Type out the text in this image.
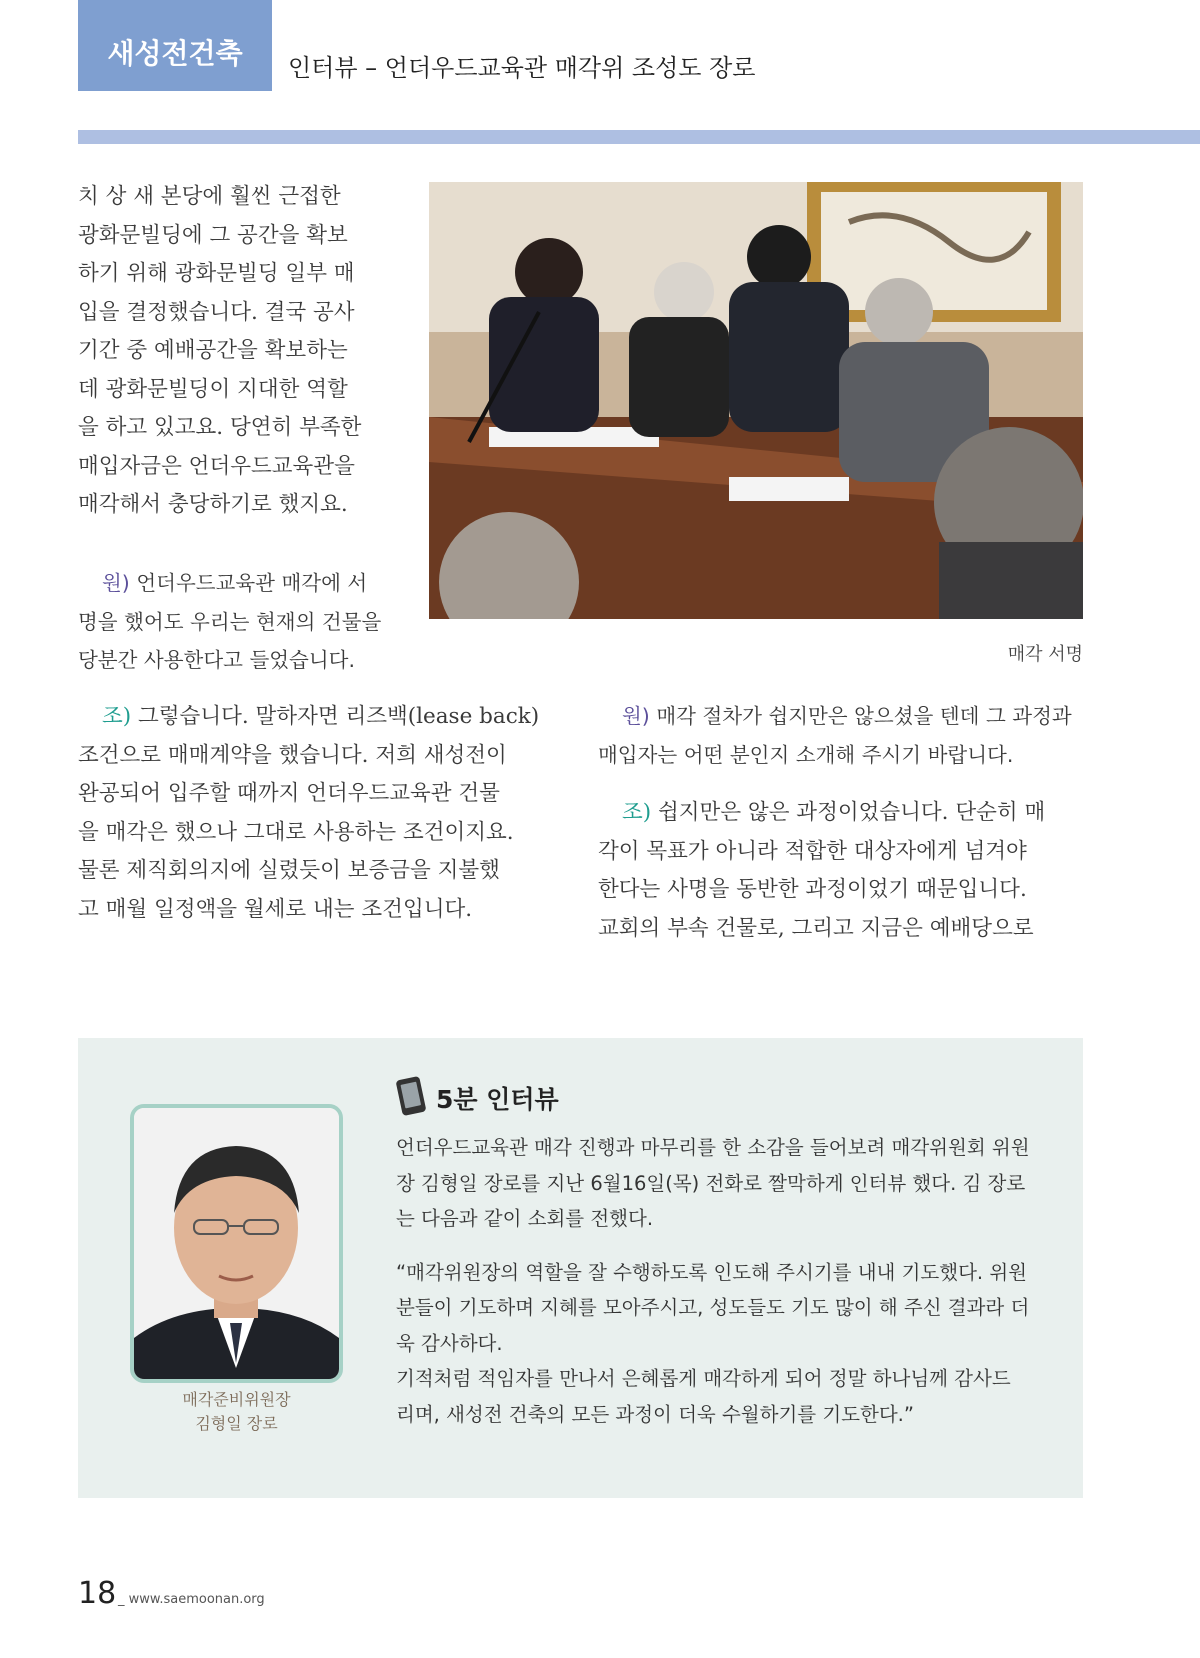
새성전건축	인터뷰 – 언더우드교육관 매각위 조성도 장로

치 상 새 본당에 훨씬 근접한

광화문빌딩에 그 공간을 확보

하기 위해 광화문빌딩 일부 매

입을 결정했습니다. 결국 공사

기간 중 예배공간을 확보하는

데 광화문빌딩이 지대한 역할

을 하고 있고요. 당연히 부족한

매입자금은 언더우드교육관을

매각해서 충당하기로 했지요.

원) 언더우드교육관 매각에 서

명을 했어도 우리는 현재의 건물을

당분간 사용한다고 들었습니다.	매각 서명

조) 그렇습니다. 말하자면 리즈백(lease back)

조건으로 매매계약을 했습니다. 저희 새성전이

완공되어 입주할 때까지 언더우드교육관 건물

을 매각은 했으나 그대로 사용하는 조건이지요.

물론 제직회의지에 실렸듯이 보증금을 지불했

고 매월 일정액을 월세로 내는 조건입니다.

원) 매각 절차가 쉽지만은 않으셨을 텐데 그 과정과

매입자는 어떤 분인지 소개해 주시기 바랍니다.

조) 쉽지만은 않은 과정이었습니다. 단순히 매

각이 목표가 아니라 적합한 대상자에게 넘겨야

한다는 사명을 동반한 과정이었기 때문입니다.

교회의 부속 건물로, 그리고 지금은 예배당으로

매각준비위원장
김형일 장로
5분 인터뷰

언더우드교육관 매각 진행과 마무리를 한 소감을 들어보려 매각위원회 위원

장 김형일 장로를 지난 6월16일(목) 전화로 짤막하게 인터뷰 했다. 김 장로

는 다음과 같이 소회를 전했다.

“매각위원장의 역할을 잘 수행하도록 인도해 주시기를 내내 기도했다. 위원

분들이 기도하며 지혜를 모아주시고, 성도들도 기도 많이 해 주신 결과라 더

욱 감사하다.

기적처럼 적임자를 만나서 은혜롭게 매각하게 되어 정말 하나님께 감사드

리며, 새성전 건축의 모든 과정이 더욱 수월하기를 기도한다.”

18 _ www.saemoonan.org
